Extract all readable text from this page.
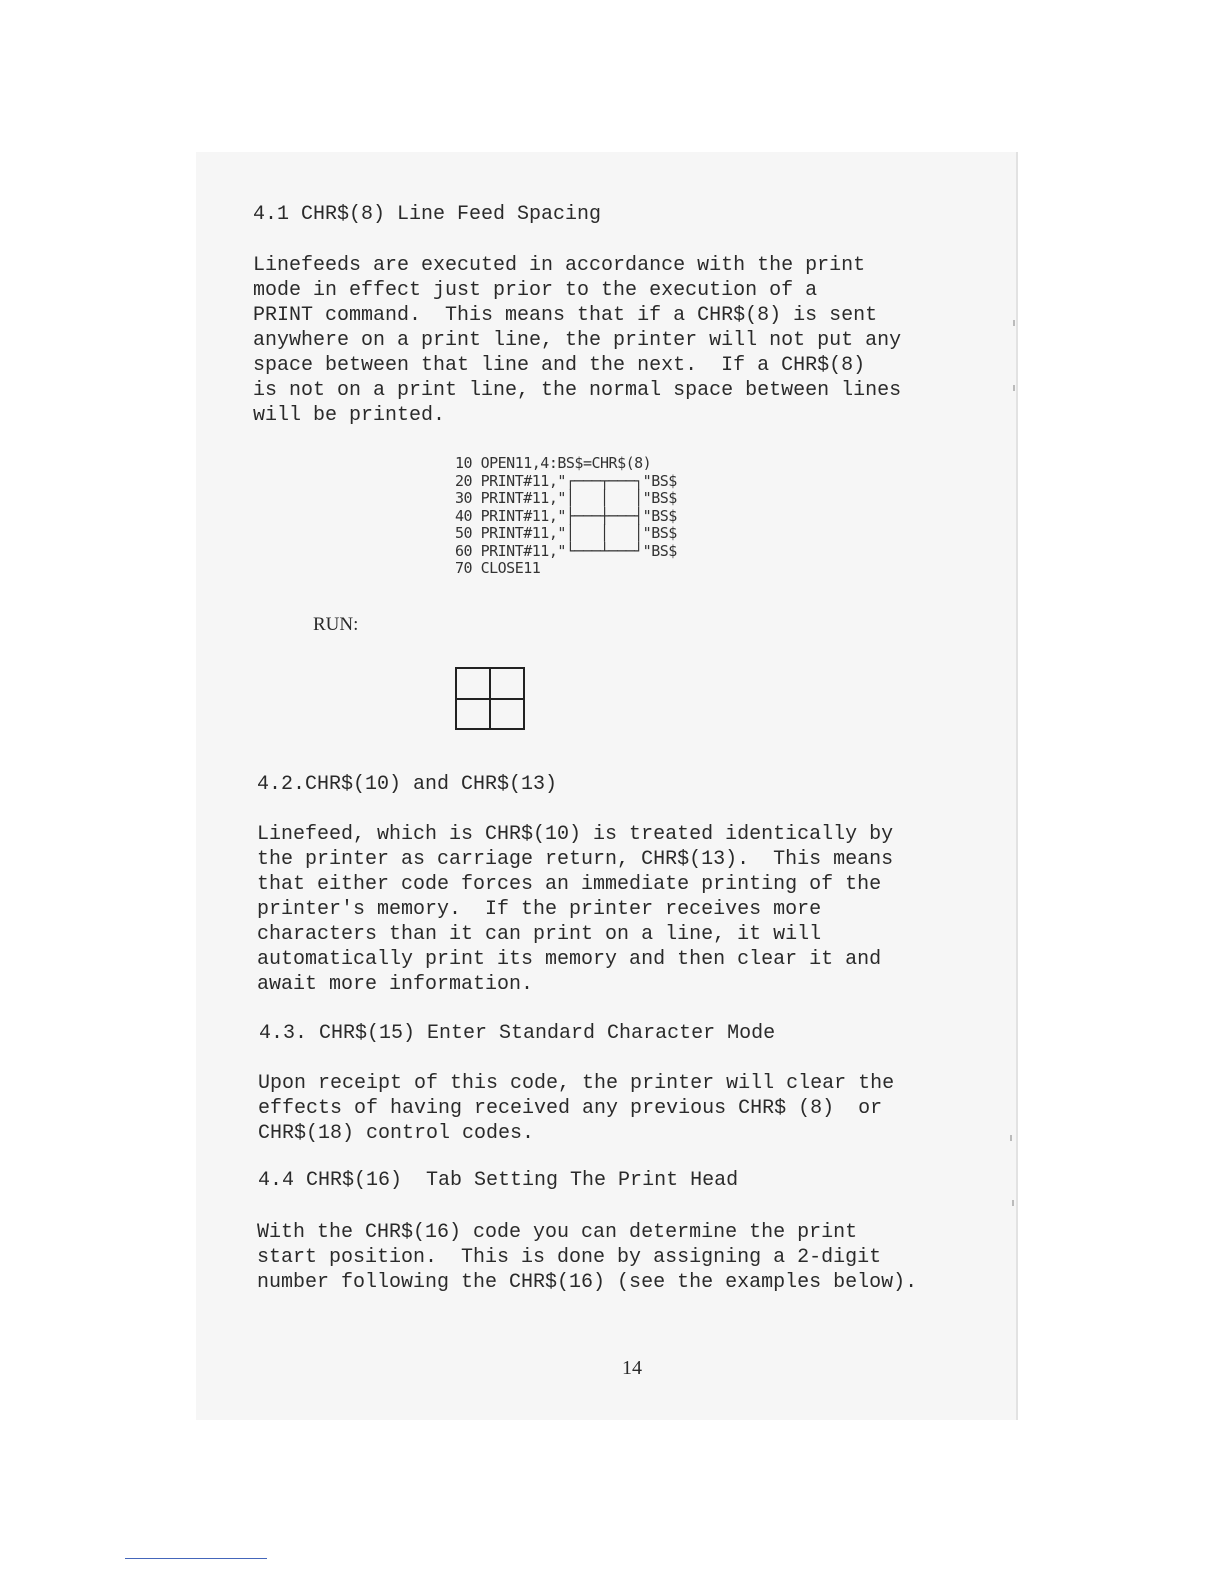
4.1 CHR$(8) Line Feed Spacing
Linefeeds are executed in accordance with the print
mode in effect just prior to the execution of a
PRINT command.  This means that if a CHR$(8) is sent
anywhere on a print line, the printer will not put any
space between that line and the next.  If a CHR$(8)
is not on a print line, the normal space between lines
will be printed.
10 OPEN11,4:BS$=CHR$(8)
20 PRINT#11,"┌───┬───┐"BS$
30 PRINT#11,"│   │   │"BS$
40 PRINT#11,"├───┼───┤"BS$
50 PRINT#11,"│   │   │"BS$
60 PRINT#11,"└───┴───┘"BS$
70 CLOSE11
RUN:
4.2.CHR$(10) and CHR$(13)
Linefeed, which is CHR$(10) is treated identically by
the printer as carriage return, CHR$(13).  This means
that either code forces an immediate printing of the
printer's memory.  If the printer receives more
characters than it can print on a line, it will
automatically print its memory and then clear it and
await more information.
4.3. CHR$(15) Enter Standard Character Mode
Upon receipt of this code, the printer will clear the
effects of having received any previous CHR$ (8)  or
CHR$(18) control codes.
4.4 CHR$(16)  Tab Setting The Print Head
With the CHR$(16) code you can determine the print
start position.  This is done by assigning a 2-digit
number following the CHR$(16) (see the examples below).
14
